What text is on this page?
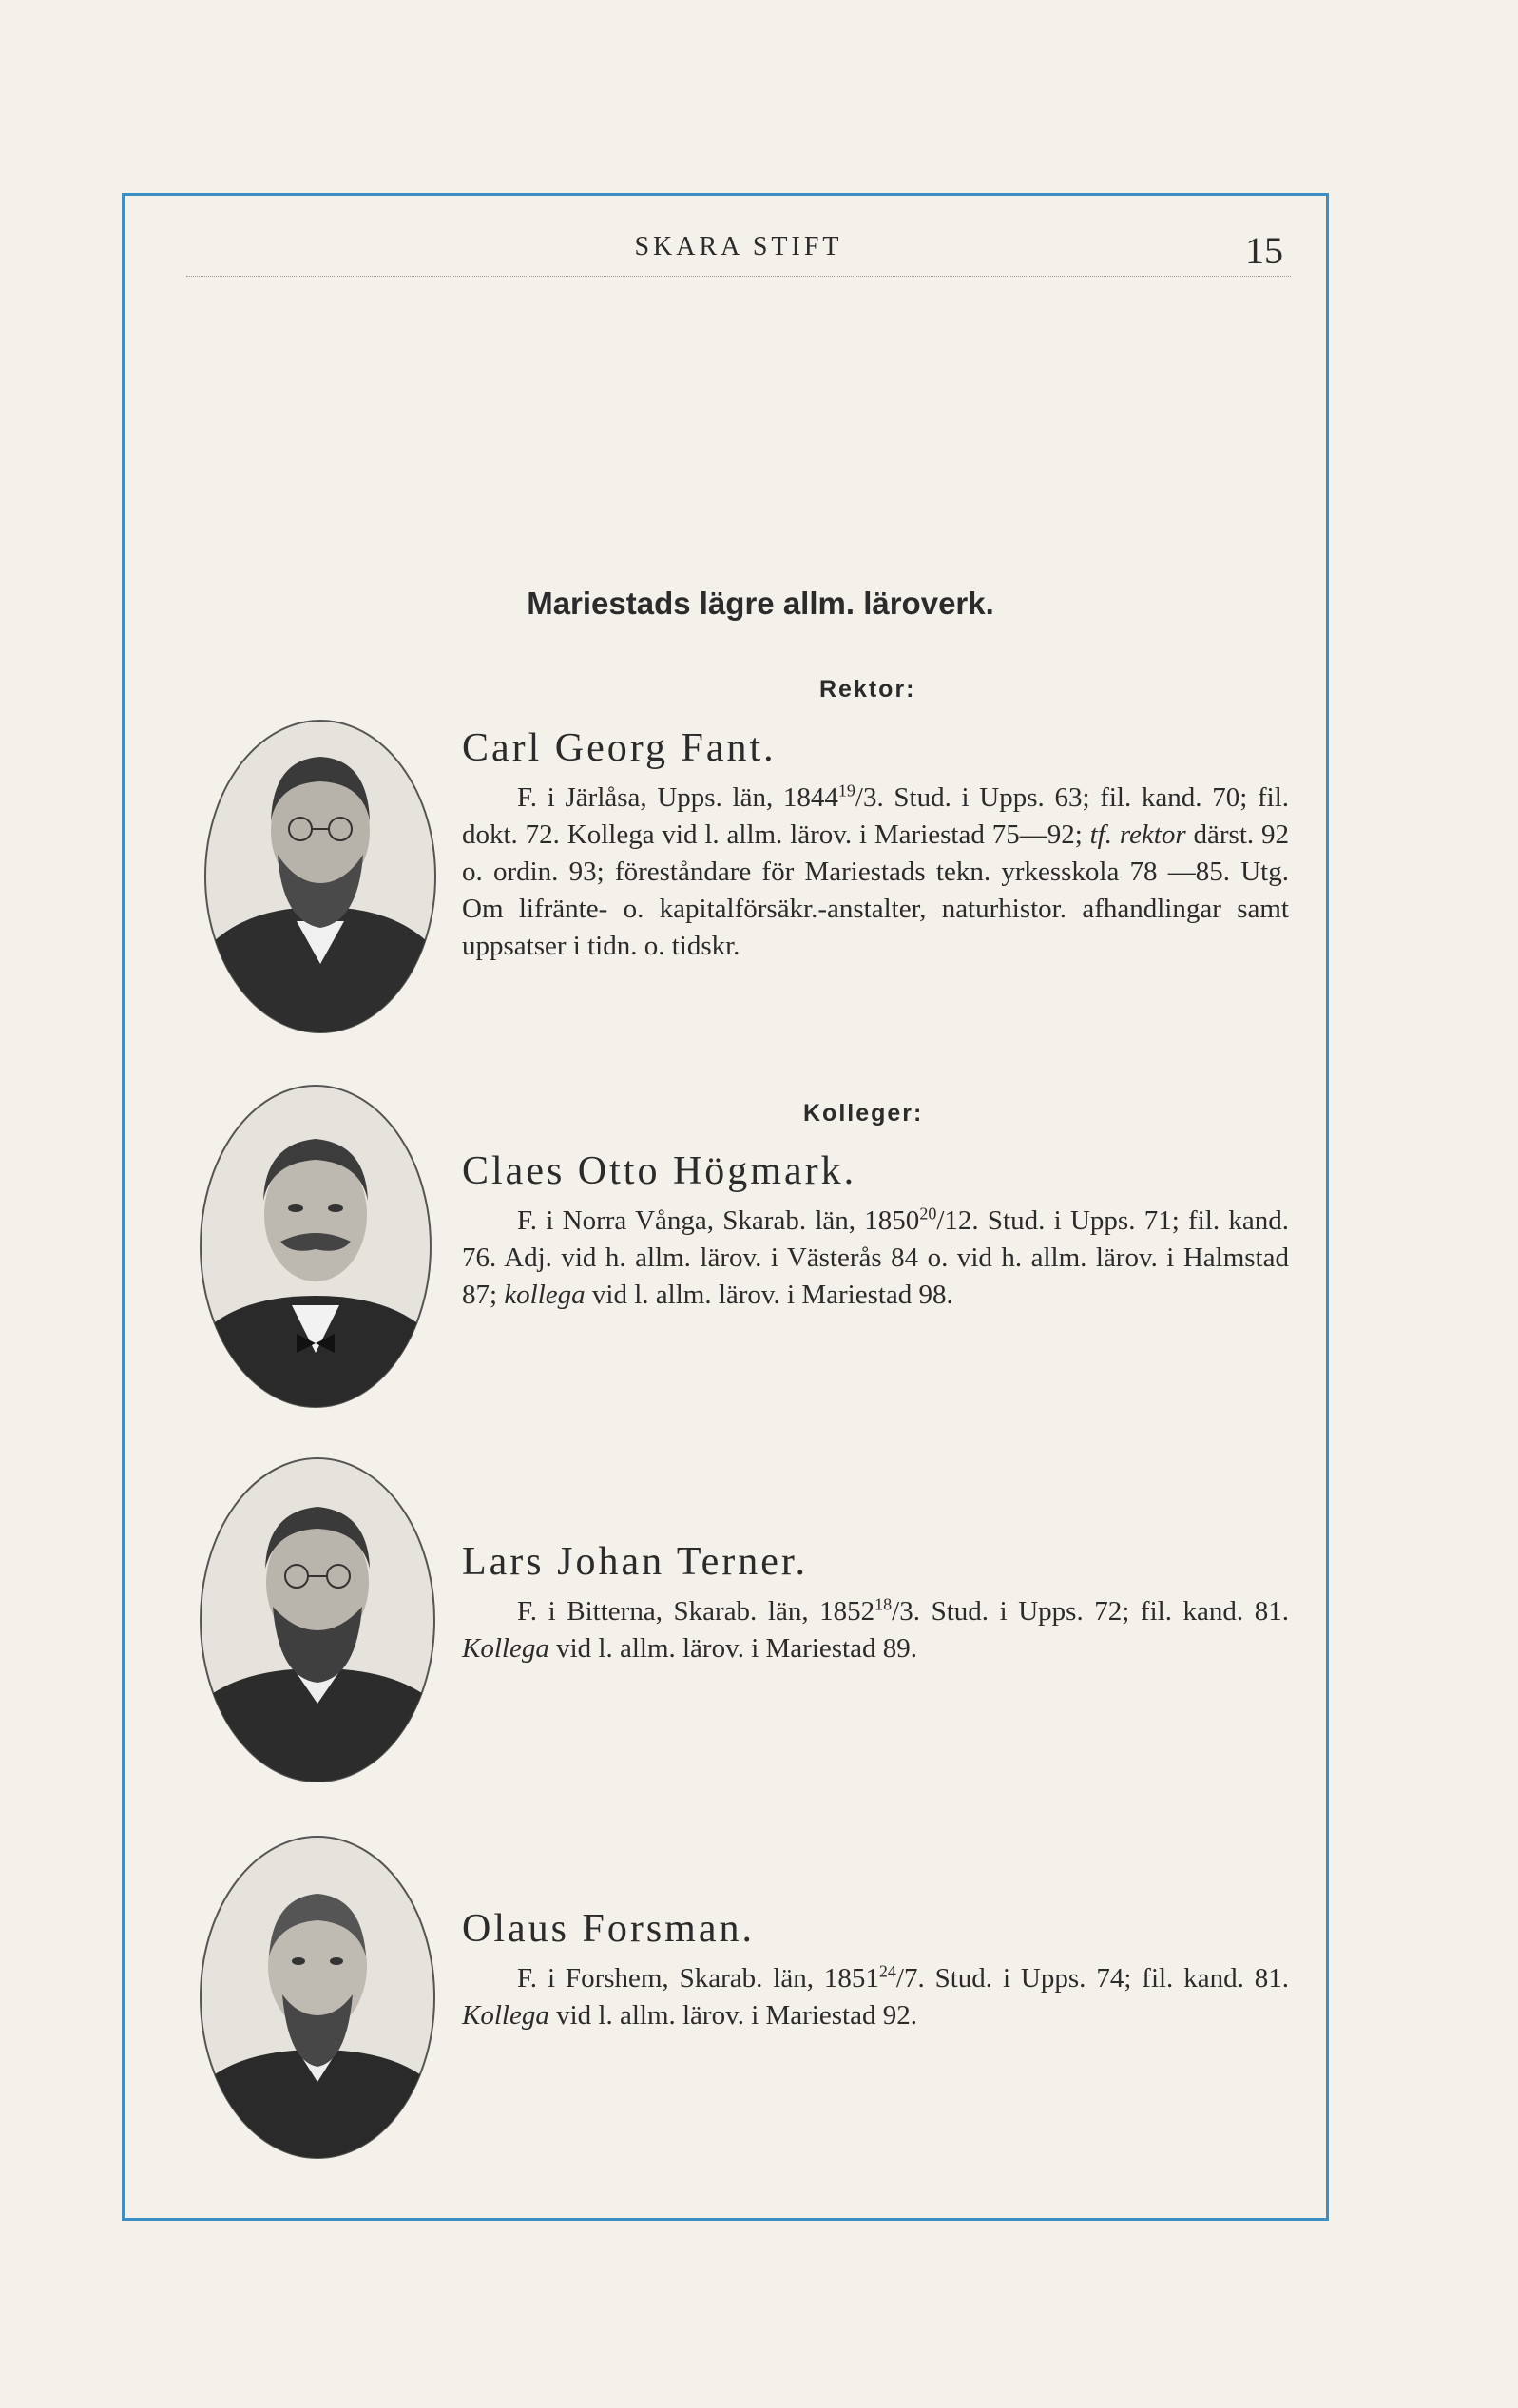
SKARA STIFT	15
Mariestads lägre allm. läroverk.
Rektor:
Kolleger:
Carl Georg Fant.

F. i Järlåsa, Upps. län, 1844$^{19}$/3. Stud. i Upps. 63; fil. kand. 70; fil. dokt. 72. Kollega vid l. allm. lärov. i Mariestad 75—92; tf. rektor därst. 92 o. ordin. 93; föreståndare för Mariestads tekn. yrkesskola 78 —85. Utg. Om lifränte- o. kapitalförsäkr.-anstalter, naturhistor. afhandlingar samt uppsatser i tidn. o. tidskr.

Claes Otto Högmark.

F. i Norra Vånga, Skarab. län, 1850$^{20}$/12. Stud. i Upps. 71; fil. kand. 76. Adj. vid h. allm. lärov. i Västerås 84 o. vid h. allm. lärov. i Halmstad 87; kollega vid l. allm. lärov. i Mariestad 98.

Lars Johan Terner.

F. i Bitterna, Skarab. län, 1852$^{18}$/3. Stud. i Upps. 72; fil. kand. 81. Kollega vid l. allm. lärov. i Mariestad 89.

Olaus Forsman.

F. i Forshem, Skarab. län, 1851$^{24}$/7. Stud. i Upps. 74; fil. kand. 81. Kollega vid l. allm. lärov. i Mariestad 92.
